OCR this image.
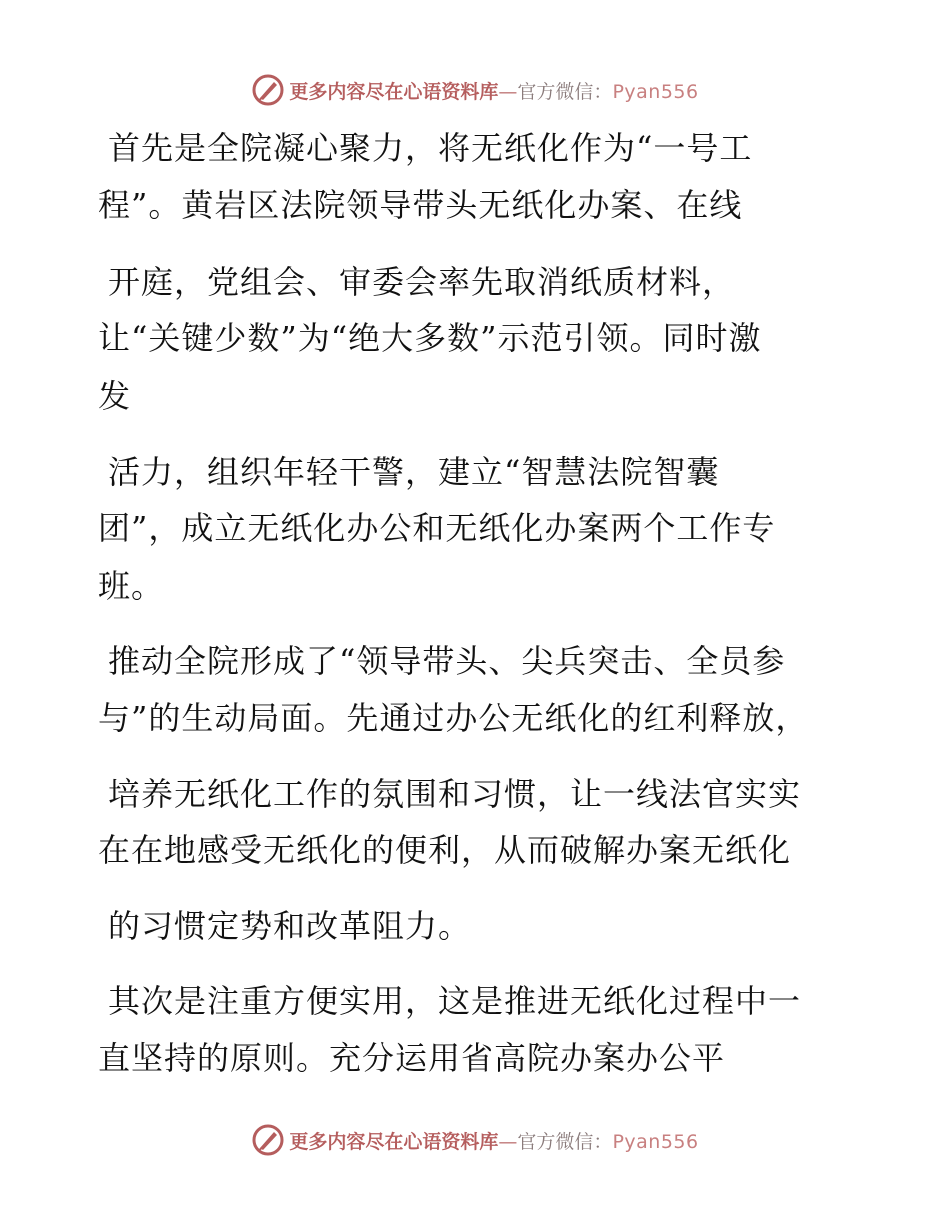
更多内容尽在心语资料库—官方微信：Pyan556
首先是全院凝心聚力，将无纸化作为“一号工
程”。黄岩区法院领导带头无纸化办案、在线
开庭，党组会、审委会率先取消纸质材料，
让“关键少数”为“绝大多数”示范引领。同时激
发
活力，组织年轻干警，建立“智慧法院智囊
团”，成立无纸化办公和无纸化办案两个工作专
班。
推动全院形成了“领导带头、尖兵突击、全员参
与”的生动局面。先通过办公无纸化的红利释放，
培养无纸化工作的氛围和习惯，让一线法官实实
在在地感受无纸化的便利，从而破解办案无纸化
的习惯定势和改革阻力。
其次是注重方便实用，这是推进无纸化过程中一
直坚持的原则。充分运用省高院办案办公平
更多内容尽在心语资料库—官方微信：Pyan556
